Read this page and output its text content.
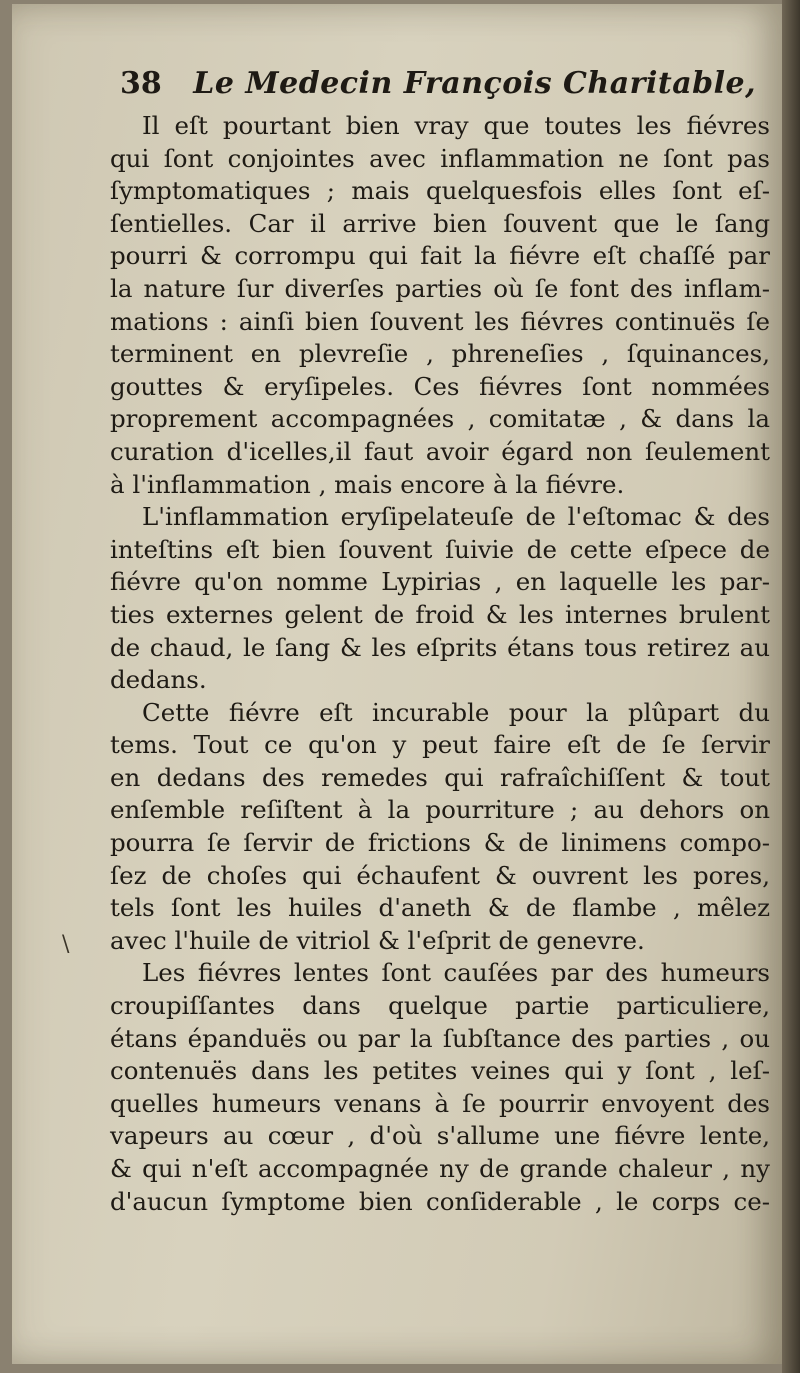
38 Le Medecin François Charitable,
\
Il eſt pourtant bien vray que toutes les fiévres
qui ſont conjointes avec inflammation ne ſont pas
ſymptomatiques ; mais quelquesfois elles ſont eſ-
ſentielles. Car il arrive bien ſouvent que le ſang
pourri & corrompu qui fait la fiévre eſt chaſſé par
la nature ſur diverſes parties où ſe font des inflam-
mations : ainſi bien ſouvent les fiévres continuës ſe
terminent en plevreſie , phreneſies , ſquinances,
gouttes & eryſipeles. Ces fiévres ſont nommées
proprement accompagnées , comitatæ , & dans la
curation d'icelles,il faut avoir égard non ſeulement
à l'inflammation , mais encore à la fiévre.
L'inflammation eryſipelateuſe de l'eſtomac & des
inteſtins eſt bien ſouvent ſuivie de cette eſpece de
fiévre qu'on nomme Lypirias , en laquelle les par-
ties externes gelent de froid & les internes brulent
de chaud, le ſang & les eſprits étans tous retirez au
dedans.
Cette fiévre eſt incurable pour la plûpart du
tems. Tout ce qu'on y peut faire eſt de ſe ſervir
en dedans des remedes qui rafraîchiſſent & tout
enſemble reſiſtent à la pourriture ; au dehors on
pourra ſe ſervir de frictions & de linimens compo-
ſez de choſes qui échaufent & ouvrent les pores,
tels ſont les huiles d'aneth & de flambe , mêlez
avec l'huile de vitriol & l'eſprit de genevre.
Les fiévres lentes ſont cauſées par des humeurs
croupiſſantes dans quelque partie particuliere,
étans épanduës ou par la ſubſtance des parties , ou
contenuës dans les petites veines qui y ſont , leſ-
quelles humeurs venans à ſe pourrir envoyent des
vapeurs au cœur , d'où s'allume une fiévre lente,
& qui n'eſt accompagnée ny de grande chaleur , ny
d'aucun ſymptome bien conſiderable , le corps ce-
